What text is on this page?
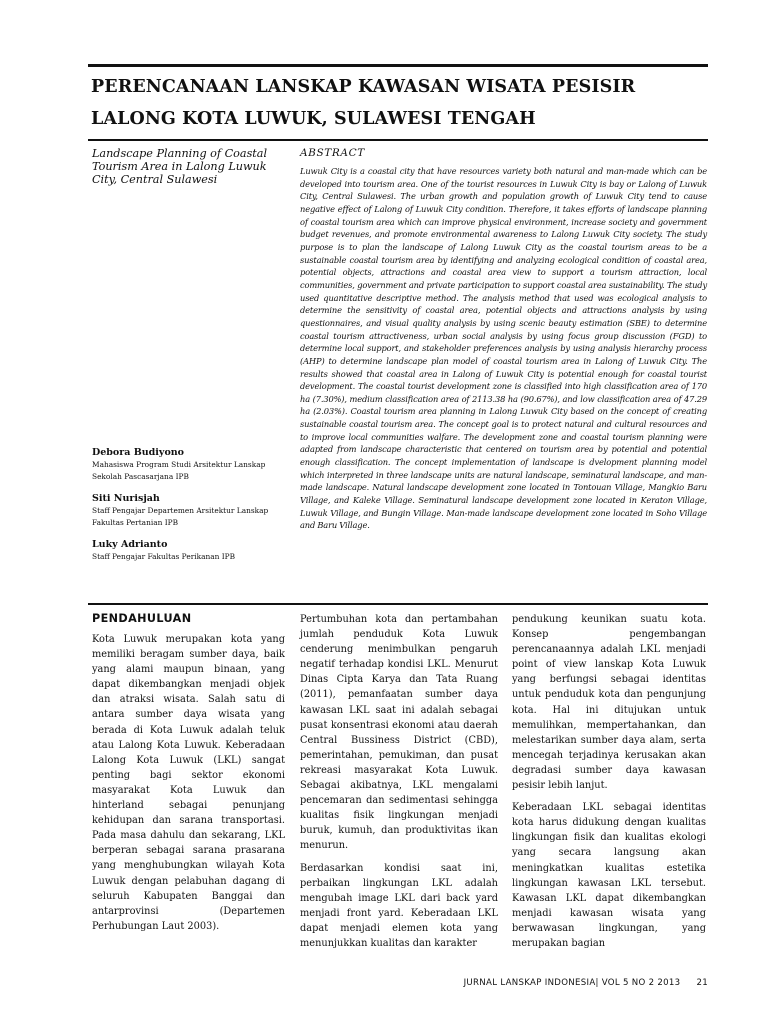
PERENCANAAN LANSKAP KAWASAN WISATA PESISIR
LALONG KOTA LUWUK, SULAWESI TENGAH
Landscape Planning of Coastal Tourism Area in Lalong Luwuk City, Central Sulawesi
ABSTRACT

Luwuk City is a coastal city that have resources variety both natural and man-made which can be developed into tourism area. One of the tourist resources in Luwuk City is bay or Lalong of Luwuk City, Central Sulawesi. The urban growth and population growth of Luwuk City tend to cause negative effect of Lalong of Luwuk City condition. Therefore, it takes efforts of landscape planning of coastal tourism area which can improve physical environment, increase society and government budget revenues, and promote environmental awareness to Lalong Luwuk City society. The study purpose is to plan the landscape of Lalong Luwuk City as the coastal tourism areas to be a sustainable coastal tourism area by identifying and analyzing ecological condition of coastal area, potential objects, attractions and coastal area view to support a tourism attraction, local communities, government and private participation to support coastal area sustainability. The study used quantitative descriptive method. The analysis method that used was ecological analysis to determine the sensitivity of coastal area, potential objects and attractions analysis by using questionnaires, and visual quality analysis by using scenic beauty estimation (SBE) to determine coastal tourism attractiveness, urban social analysis by using focus group discussion (FGD) to determine local support, and stakeholder preferences analysis by using analysis hierarchy process (AHP) to determine landscape plan model of coastal tourism area in Lalong of Luwuk City. The results showed that coastal area in Lalong of Luwuk City is potential enough for coastal tourist development. The coastal tourist development zone is classified into high classification area of 170 ha (7.30%), medium classification area of 2113.38 ha (90.67%), and low classification area of 47.29 ha (2.03%). Coastal tourism area planning in Lalong Luwuk City based on the concept of creating sustainable coastal tourism area. The concept goal is to protect natural and cultural resources and to improve local communities walfare. The development zone and coastal tourism planning were adapted from landscape characteristic that centered on tourism area by potential and potential enough classification. The concept implementation of landscape is dvelopment planning model which interpreted in three landscape units are natural landscape, seminatural landscape, and man-made landscape. Natural landscape development zone located in Tontouan Village, Mangkio Baru Village, and Kaleke Village. Seminatural landscape development zone located in Keraton Village, Luwuk Village, and Bungin Village. Man-made landscape development zone located in Soho Village and Baru Village.

Debora Budiyono
Mahasiswa Program Studi Arsitektur Lanskap Sekolah Pascasarjana IPB
Siti Nurisjah
Staff Pengajar Departemen Arsitektur Lanskap Fakultas Pertanian IPB
Luky Adrianto
Staff Pengajar Fakultas Perikanan IPB
PENDAHULUAN

Kota Luwuk merupakan kota yang memiliki beragam sumber daya, baik yang alami maupun binaan, yang dapat dikembangkan menjadi objek dan atraksi wisata. Salah satu di antara sumber daya wisata yang berada di Kota Luwuk adalah teluk atau Lalong Kota Luwuk. Keberadaan Lalong Kota Luwuk (LKL) sangat penting bagi sektor ekonomi masyarakat Kota Luwuk dan hinterland sebagai penunjang kehidupan dan sarana transportasi. Pada masa dahulu dan sekarang, LKL berperan sebagai sarana prasarana yang menghubungkan wilayah Kota Luwuk dengan pelabuhan dagang di seluruh Kabupaten Banggai dan antarprovinsi (Departemen Perhubungan Laut 2003).

Pertumbuhan kota dan pertambahan jumlah penduduk Kota Luwuk cenderung menimbulkan pengaruh negatif terhadap kondisi LKL. Menurut Dinas Cipta Karya dan Tata Ruang (2011), pemanfaatan sumber daya kawasan LKL saat ini adalah sebagai pusat konsentrasi ekonomi atau daerah Central Bussiness District (CBD), pemerintahan, pemukiman, dan pusat rekreasi masyarakat Kota Luwuk. Sebagai akibatnya, LKL mengalami pencemaran dan sedimentasi sehingga kualitas fisik lingkungan menjadi buruk, kumuh, dan produktivitas ikan menurun.

Berdasarkan kondisi saat ini, perbaikan lingkungan LKL adalah mengubah image LKL dari back yard menjadi front yard. Keberadaan LKL dapat menjadi elemen kota yang menunjukkan kualitas dan karakter

pendukung keunikan suatu kota. Konsep pengembangan perencanaannya adalah LKL menjadi point of view lanskap Kota Luwuk yang berfungsi sebagai identitas untuk penduduk kota dan pengunjung kota. Hal ini ditujukan untuk memulihkan, mempertahankan, dan melestarikan sumber daya alam, serta mencegah terjadinya kerusakan akan degradasi sumber daya kawasan pesisir lebih lanjut.

Keberadaan LKL sebagai identitas kota harus didukung dengan kualitas lingkungan fisik dan kualitas ekologi yang secara langsung akan meningkatkan kualitas estetika lingkungan kawasan LKL tersebut. Kawasan LKL dapat dikembangkan menjadi kawasan wisata yang berwawasan lingkungan, yang merupakan bagian

JURNAL LANSKAP INDONESIA| VOL 5 NO 2 2013 21
